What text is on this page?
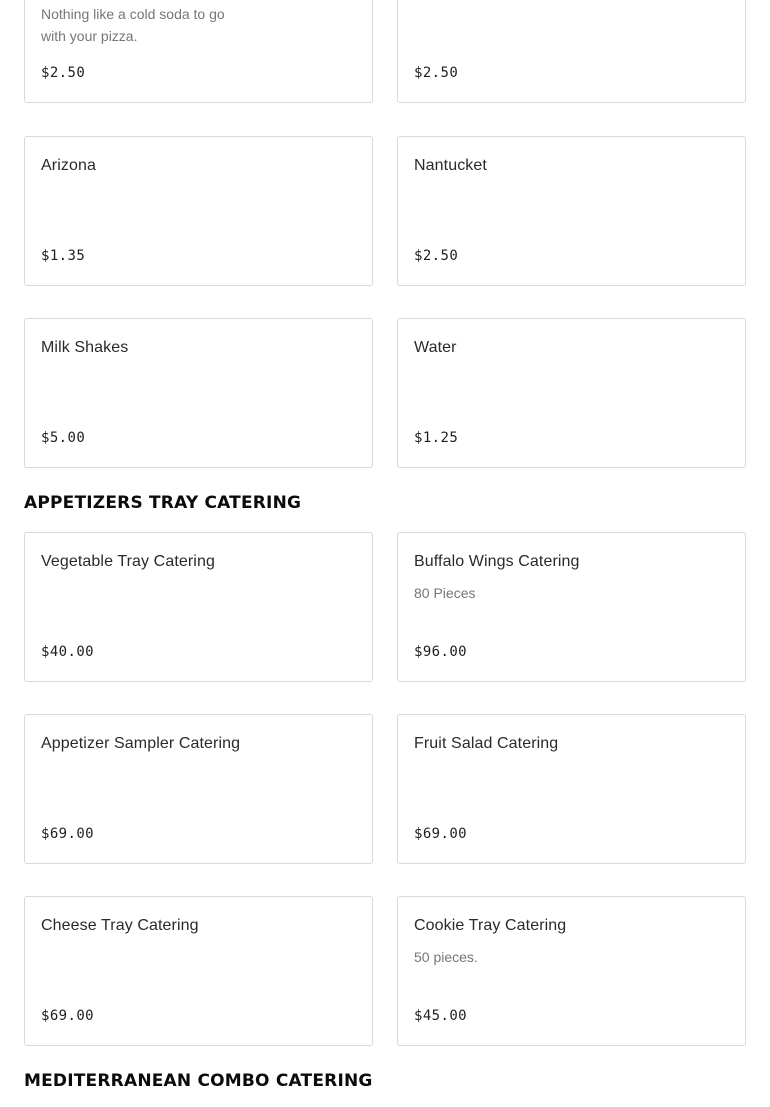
Nothing like a cold soda to go with your pizza.
$2.50	$2.50
Arizona
$1.35
Nantucket
$2.50
Milk Shakes
$5.00
Water
$1.25
APPETIZERS TRAY CATERING
Vegetable Tray Catering
$40.00
Buffalo Wings Catering
80 Pieces
$96.00
Appetizer Sampler Catering
$69.00
Fruit Salad Catering
$69.00
Cheese Tray Catering
$69.00
Cookie Tray Catering
50 pieces.
$45.00
MEDITERRANEAN COMBO CATERING
